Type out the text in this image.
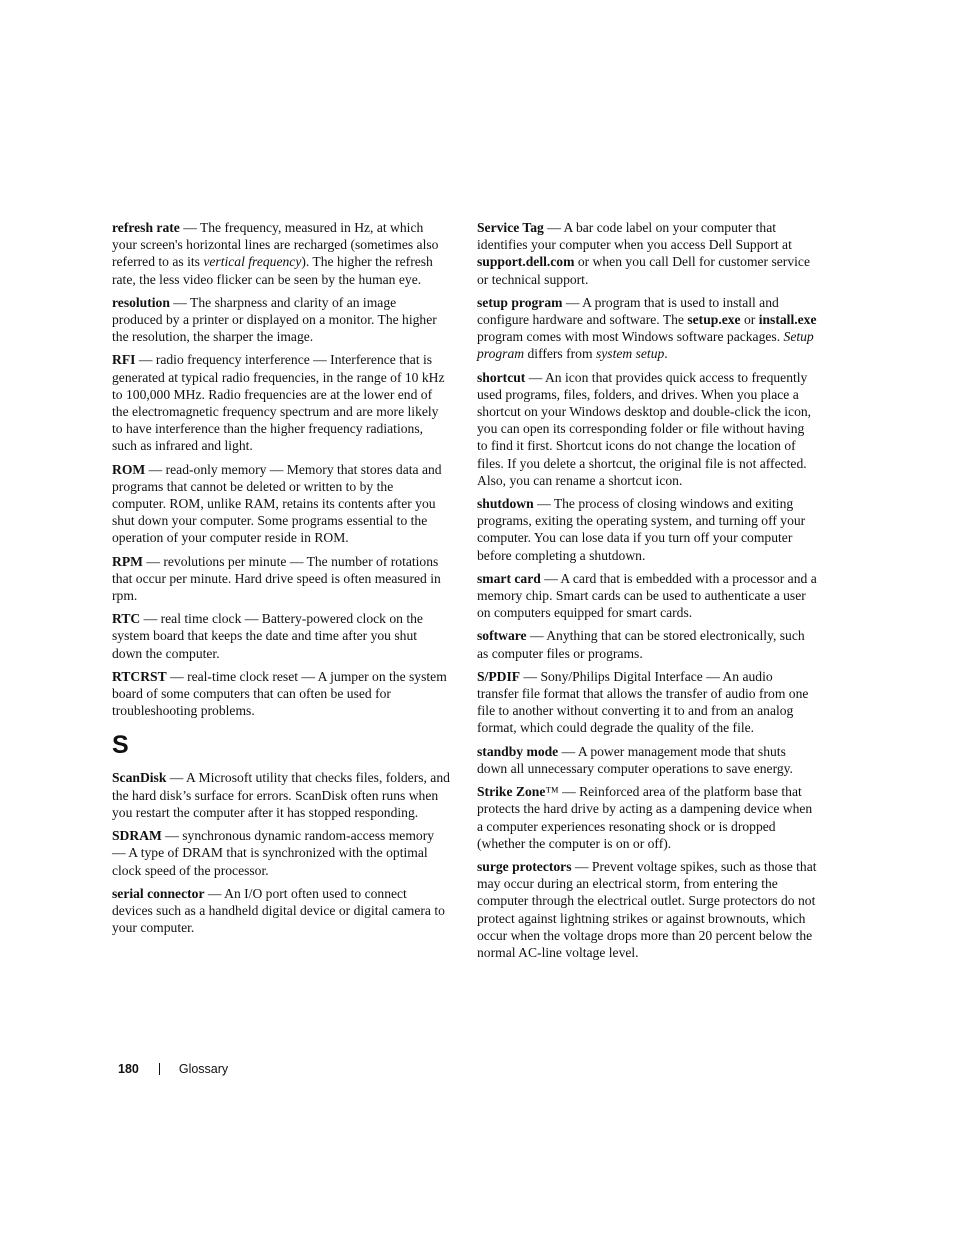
refresh rate — The frequency, measured in Hz, at which your screen's horizontal lines are recharged (sometimes also referred to as its vertical frequency). The higher the refresh rate, the less video flicker can be seen by the human eye.

resolution — The sharpness and clarity of an image produced by a printer or displayed on a monitor. The higher the resolution, the sharper the image.

RFI — radio frequency interference — Interference that is generated at typical radio frequencies, in the range of 10 kHz to 100,000 MHz. Radio frequencies are at the lower end of the electromagnetic frequency spectrum and are more likely to have interference than the higher frequency radiations, such as infrared and light.

ROM — read-only memory — Memory that stores data and programs that cannot be deleted or written to by the computer. ROM, unlike RAM, retains its contents after you shut down your computer. Some programs essential to the operation of your computer reside in ROM.

RPM — revolutions per minute — The number of rotations that occur per minute. Hard drive speed is often measured in rpm.

RTC — real time clock — Battery-powered clock on the system board that keeps the date and time after you shut down the computer.

RTCRST — real-time clock reset — A jumper on the system board of some computers that can often be used for troubleshooting problems.

S

ScanDisk — A Microsoft utility that checks files, folders, and the hard disk’s surface for errors. ScanDisk often runs when you restart the computer after it has stopped responding.

SDRAM — synchronous dynamic random-access memory — A type of DRAM that is synchronized with the optimal clock speed of the processor.

serial connector — An I/O port often used to connect devices such as a handheld digital device or digital camera to your computer.

Service Tag — A bar code label on your computer that identifies your computer when you access Dell Support at support.dell.com or when you call Dell for customer service or technical support.

setup program — A program that is used to install and configure hardware and software. The setup.exe or install.exe program comes with most Windows software packages. Setup program differs from system setup.

shortcut — An icon that provides quick access to frequently used programs, files, folders, and drives. When you place a shortcut on your Windows desktop and double-click the icon, you can open its corresponding folder or file without having to find it first. Shortcut icons do not change the location of files. If you delete a shortcut, the original file is not affected. Also, you can rename a shortcut icon.

shutdown — The process of closing windows and exiting programs, exiting the operating system, and turning off your computer. You can lose data if you turn off your computer before completing a shutdown.

smart card — A card that is embedded with a processor and a memory chip. Smart cards can be used to authenticate a user on computers equipped for smart cards.

software — Anything that can be stored electronically, such as computer files or programs.

S/PDIF — Sony/Philips Digital Interface — An audio transfer file format that allows the transfer of audio from one file to another without converting it to and from an analog format, which could degrade the quality of the file.

standby mode — A power management mode that shuts down all unnecessary computer operations to save energy.

Strike Zone™ — Reinforced area of the platform base that protects the hard drive by acting as a dampening device when a computer experiences resonating shock or is dropped (whether the computer is on or off).

surge protectors — Prevent voltage spikes, such as those that may occur during an electrical storm, from entering the computer through the electrical outlet. Surge protectors do not protect against lightning strikes or against brownouts, which occur when the voltage drops more than 20 percent below the normal AC-line voltage level.

180	Glossary
